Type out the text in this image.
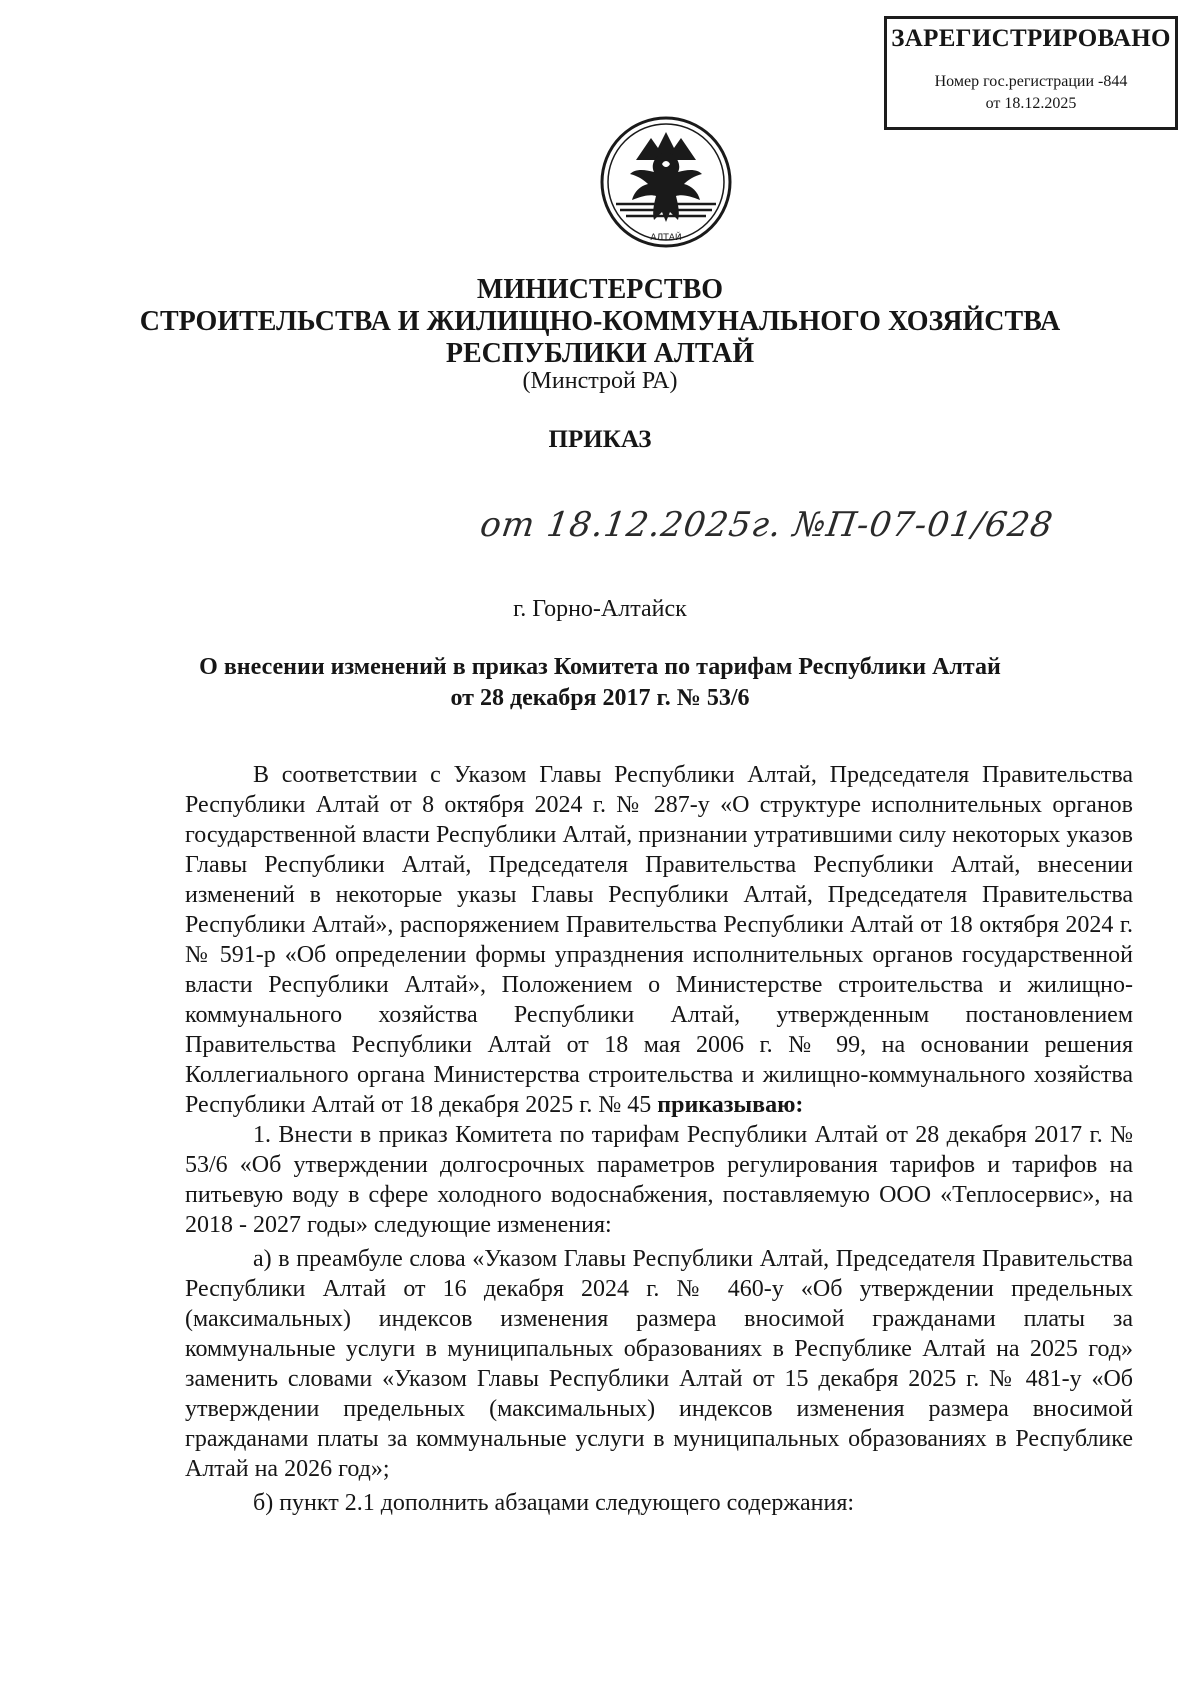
ЗАРЕГИСТРИРОВАНО
Номер гос.регистрации -844
от 18.12.2025
АЛТАЙ
МИНИСТЕРСТВО
СТРОИТЕЛЬСТВА И ЖИЛИЩНО-КОММУНАЛЬНОГО ХОЗЯЙСТВА
РЕСПУБЛИКИ АЛТАЙ
(Минстрой РА)
ПРИКАЗ
от 18.12.2025г. №П-07-01/628
г. Горно-Алтайск
О внесении изменений в приказ Комитета по тарифам Республики Алтай
от 28 декабря 2017 г. № 53/6

В соответствии с Указом Главы Республики Алтай, Председателя Правительства Республики Алтай от 8 октября 2024 г. № 287-у «О структуре исполнительных органов государственной власти Республики Алтай, признании утратившими силу некоторых указов Главы Республики Алтай, Председателя Правительства Республики Алтай, внесении изменений в некоторые указы Главы Республики Алтай, Председателя Правительства Республики Алтай», распоряжением Правительства Республики Алтай от 18 октября 2024 г. № 591-р «Об определении формы упразднения исполнительных органов государственной власти Республики Алтай», Положением о Министерстве строительства и жилищно-коммунального хозяйства Республики Алтай, утвержденным постановлением Правительства Республики Алтай от 18 мая 2006 г. № 99, на основании решения Коллегиального органа Министерства строительства и жилищно-коммунального хозяйства Республики Алтай от 18 декабря 2025 г. № 45 приказываю:

1. Внести в приказ Комитета по тарифам Республики Алтай от 28 декабря 2017 г. № 53/6 «Об утверждении долгосрочных параметров регулирования тарифов и тарифов на питьевую воду в сфере холодного водоснабжения, поставляемую ООО «Теплосервис», на 2018 - 2027 годы» следующие изменения:

а) в преамбуле слова «Указом Главы Республики Алтай, Председателя Правительства Республики Алтай от 16 декабря 2024 г. № 460-у «Об утверждении предельных (максимальных) индексов изменения размера вносимой гражданами платы за коммунальные услуги в муниципальных образованиях в Республике Алтай на 2025 год» заменить словами «Указом Главы Республики Алтай от 15 декабря 2025 г. № 481-у «Об утверждении предельных (максимальных) индексов изменения размера вносимой гражданами платы за коммунальные услуги в муниципальных образованиях в Республике Алтай на 2026 год»;

б) пункт 2.1 дополнить абзацами следующего содержания:
